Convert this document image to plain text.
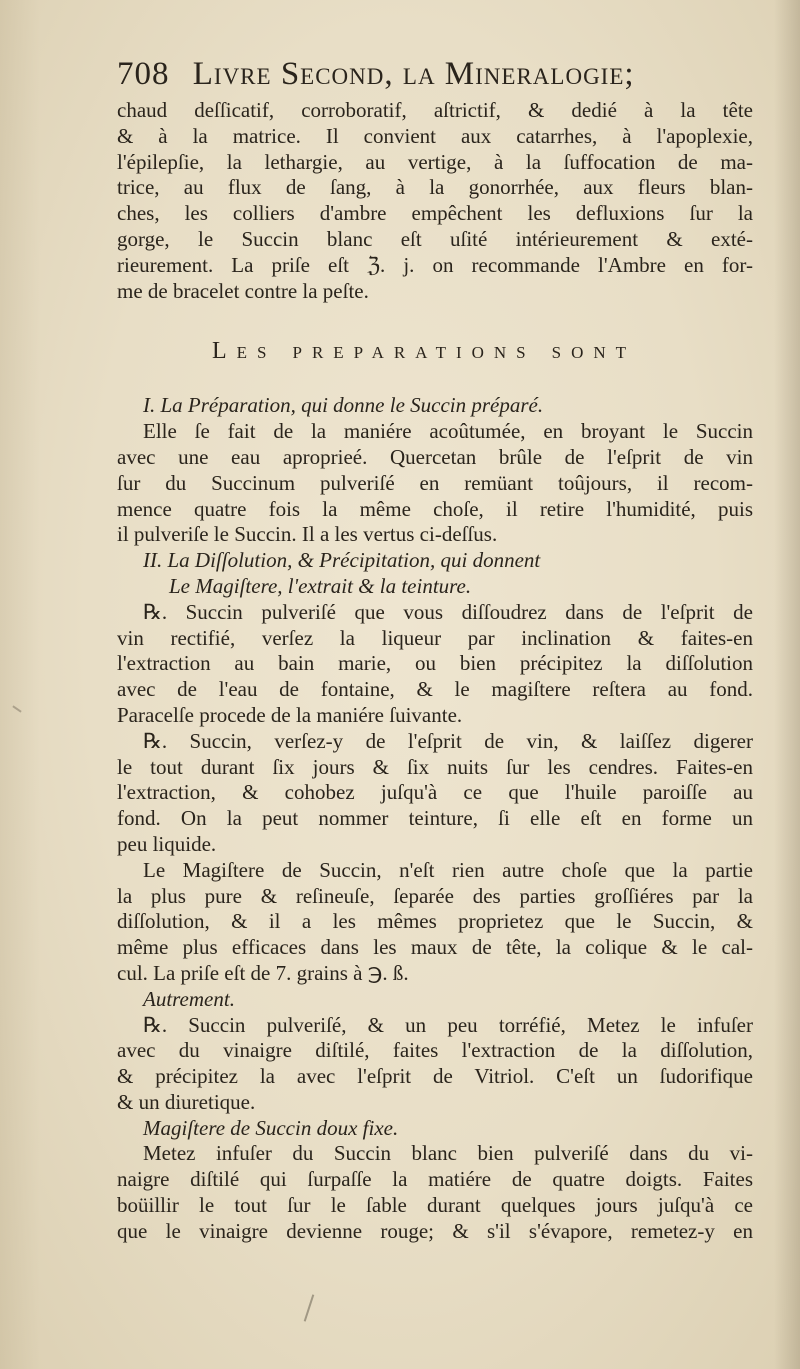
708 Livre Second, la Mineralogie;
chaud deſſicatif, corroboratif, aſtrictif, & dedié à la tête
& à la matrice. Il convient aux catarrhes, à l'apoplexie,
l'épilepſie, la lethargie, au vertige, à la ſuffocation de ma-
trice, au flux de ſang, à la gonorrhée, aux fleurs blan-
ches, les colliers d'ambre empêchent les defluxions ſur la
gorge, le Succin blanc eſt uſité intérieurement & exté-
rieurement. La priſe eſt ℨ. j. on recommande l'Ambre en for-
me de bracelet contre la peſte.
Les preparations sont
I. La Préparation, qui donne le Succin préparé.
Elle ſe fait de la maniére acoûtumée, en broyant le Succin
avec une eau aproprieé. Quercetan brûle de l'eſprit de vin
ſur du Succinum pulveriſé en remüant toûjours, il recom-
mence quatre fois la même choſe, il retire l'humidité, puis
il pulveriſe le Succin. Il a les vertus ci-deſſus.
II. La Diſſolution, & Précipitation, qui donnent
Le Magiſtere, l'extrait & la teinture.
℞. Succin pulveriſé que vous diſſoudrez dans de l'eſprit de
vin rectifié, verſez la liqueur par inclination & faites-en
l'extraction au bain marie, ou bien précipitez la diſſolution
avec de l'eau de fontaine, & le magiſtere reſtera au fond.
Paracelſe procede de la maniére ſuivante.
℞. Succin, verſez-y de l'eſprit de vin, & laiſſez digerer
le tout durant ſix jours & ſix nuits ſur les cendres. Faites-en
l'extraction, & cohobez juſqu'à ce que l'huile paroiſſe au
fond. On la peut nommer teinture, ſi elle eſt en forme un
peu liquide.
Le Magiſtere de Succin, n'eſt rien autre choſe que la partie
la plus pure & reſineuſe, ſeparée des parties groſſiéres par la
diſſolution, & il a les mêmes proprietez que le Succin, &
même plus efficaces dans les maux de tête, la colique & le cal-
cul. La priſe eſt de 7. grains à ℈. ß.
Autrement.
℞. Succin pulveriſé, & un peu torréfié, Metez le infuſer
avec du vinaigre diſtilé, faites l'extraction de la diſſolution,
& précipitez la avec l'eſprit de Vitriol. C'eſt un ſudorifique
& un diuretique.
Magiſtere de Succin doux fixe.
Metez infuſer du Succin blanc bien pulveriſé dans du vi-
naigre diſtilé qui ſurpaſſe la matiére de quatre doigts. Faites
boüillir le tout ſur le ſable durant quelques jours juſqu'à ce
que le vinaigre devienne rouge; & s'il s'évapore, remetez-y en
